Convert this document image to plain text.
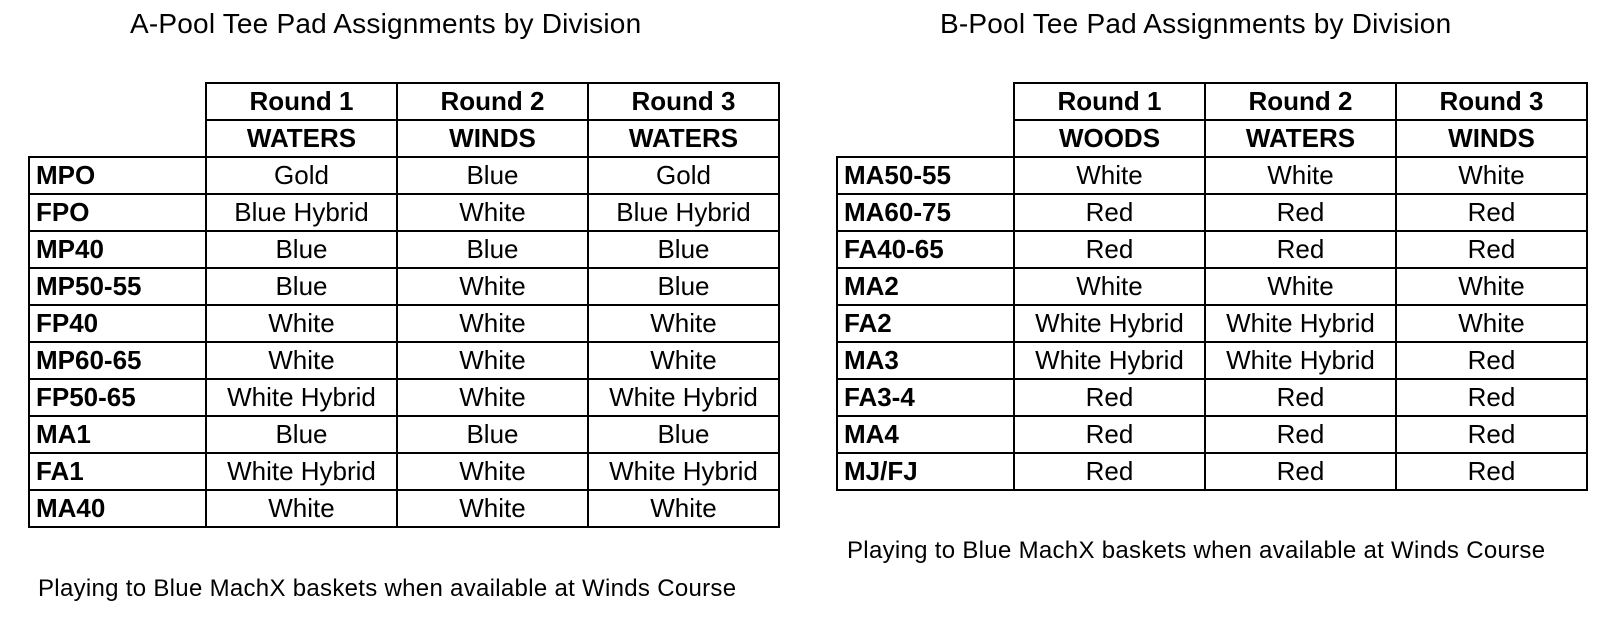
A-Pool Tee Pad Assignments by Division
	Round 1	Round 2	Round 3
	WATERS	WINDS	WATERS
MPO	Gold	Blue	Gold
FPO	Blue Hybrid	White	Blue Hybrid
MP40	Blue	Blue	Blue
MP50-55	Blue	White	Blue
FP40	White	White	White
MP60-65	White	White	White
FP50-65	White Hybrid	White	White Hybrid
MA1	Blue	Blue	Blue
FA1	White Hybrid	White	White Hybrid
MA40	White	White	White
Playing to Blue MachX baskets when available at Winds Course
B-Pool Tee Pad Assignments by Division
	Round 1	Round 2	Round 3
	WOODS	WATERS	WINDS
MA50-55	White	White	White
MA60-75	Red	Red	Red
FA40-65	Red	Red	Red
MA2	White	White	White
FA2	White Hybrid	White Hybrid	White
MA3	White Hybrid	White Hybrid	Red
FA3-4	Red	Red	Red
MA4	Red	Red	Red
MJ/FJ	Red	Red	Red
Playing to Blue MachX baskets when available at Winds Course
